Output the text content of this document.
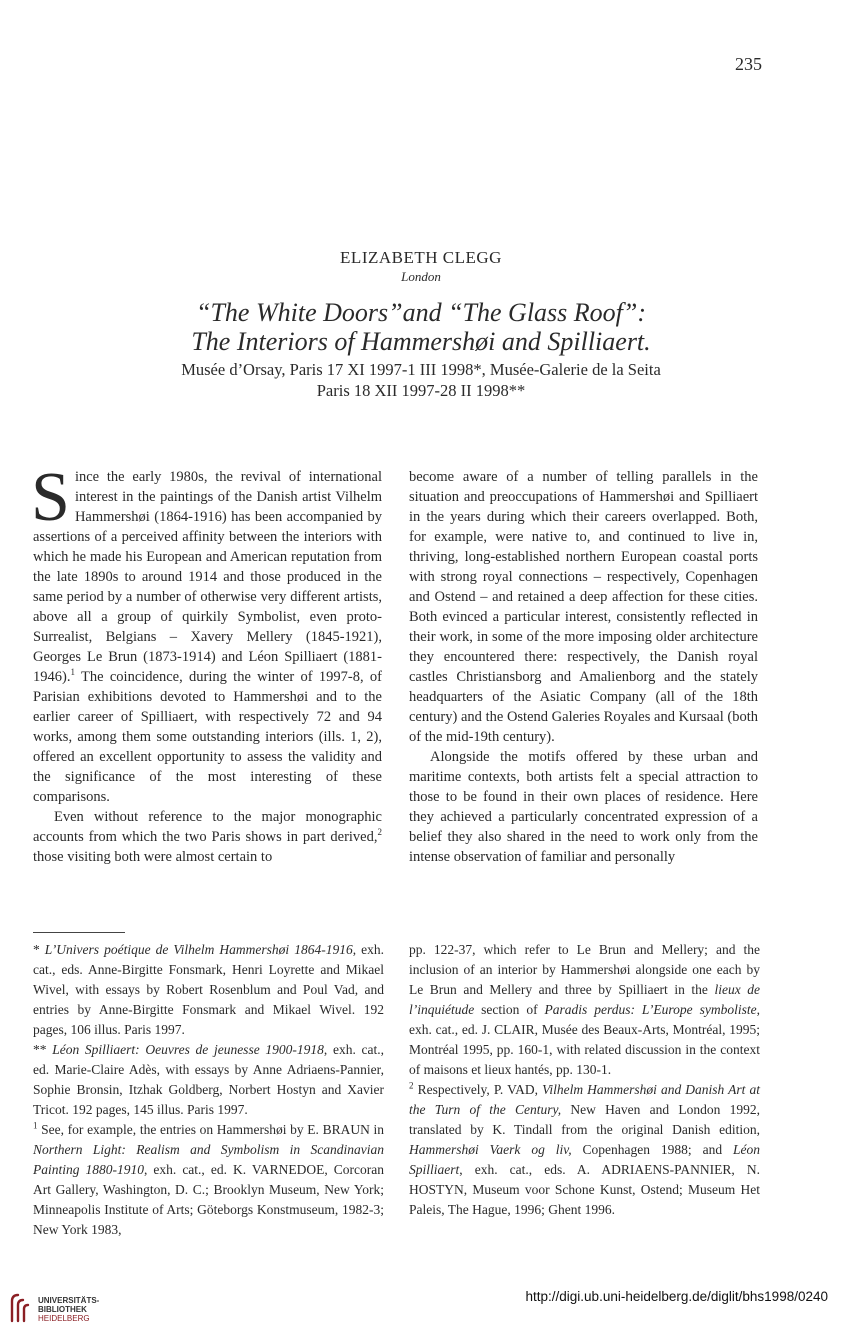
235
ELIZABETH CLEGG
London
“The White Doors”and “The Glass Roof”:
The Interiors of Hammershøi and Spilliaert.
Musée d’Orsay, Paris 17 XI 1997-1 III 1998*, Musée-Galerie de la Seita
Paris 18 XII 1997-28 II 1998**

Since the early 1980s, the revival of international interest in the paintings of the Danish artist Vilhelm Hammershøi (1864-1916) has been accompanied by assertions of a perceived affinity between the interiors with which he made his European and American reputation from the late 1890s to around 1914 and those produced in the same period by a number of otherwise very different artists, above all a group of quirkily Symbolist, even proto-Surrealist, Belgians – Xavery Mellery (1845-1921), Georges Le Brun (1873-1914) and Léon Spilliaert (1881-1946).$^1$ The coincidence, during the winter of 1997-8, of Parisian exhibitions devoted to Hammershøi and to the earlier career of Spilliaert, with respectively 72 and 94 works, among them some outstanding interiors (ills. 1, 2), offered an excellent opportunity to assess the validity and the significance of the most interesting of these comparisons.

Even without reference to the major monographic accounts from which the two Paris shows in part derived,$^2$ those visiting both were almost certain to

become aware of a number of telling parallels in the situation and preoccupations of Hammershøi and Spilliaert in the years during which their careers overlapped. Both, for example, were native to, and continued to live in, thriving, long-established northern European coastal ports with strong royal connections – respectively, Copenhagen and Ostend – and retained a deep affection for these cities. Both evinced a particular interest, consistently reflected in their work, in some of the more imposing older architecture they encountered there: respectively, the Danish royal castles Christiansborg and Amalienborg and the stately headquarters of the Asiatic Company (all of the 18th century) and the Ostend Galeries Royales and Kursaal (both of the mid-19th century).

Alongside the motifs offered by these urban and maritime contexts, both artists felt a special attraction to those to be found in their own places of residence. Here they achieved a particularly concentrated expression of a belief they also shared in the need to work only from the intense observation of familiar and personally

* L’Univers poétique de Vilhelm Hammershøi 1864-1916, exh. cat., eds. Anne-Birgitte Fonsmark, Henri Loyrette and Mikael Wivel, with essays by Robert Rosenblum and Poul Vad, and entries by Anne-Birgitte Fonsmark and Mikael Wivel. 192 pages, 106 illus. Paris 1997.

** Léon Spilliaert: Oeuvres de jeunesse 1900-1918, exh. cat., ed. Marie-Claire Adès, with essays by Anne Adriaens-Pannier, Sophie Bronsin, Itzhak Goldberg, Norbert Hostyn and Xavier Tricot. 192 pages, 145 illus. Paris 1997.

$^1$ See, for example, the entries on Hammershøi by E. BRAUN in Northern Light: Realism and Symbolism in Scandinavian Painting 1880-1910, exh. cat., ed. K. VARNEDOE, Corcoran Art Gallery, Washington, D. C.; Brooklyn Museum, New York; Minneapolis Institute of Arts; Göteborgs Konstmuseum, 1982-3; New York 1983,

pp. 122-37, which refer to Le Brun and Mellery; and the inclusion of an interior by Hammershøi alongside one each by Le Brun and Mellery and three by Spilliaert in the lieux de l’inquiétude section of Paradis perdus: L’Europe symboliste, exh. cat., ed. J. CLAIR, Musée des Beaux-Arts, Montréal, 1995; Montréal 1995, pp. 160-1, with related discussion in the context of maisons et lieux hantés, pp. 130-1.

$^2$ Respectively, P. VAD, Vilhelm Hammershøi and Danish Art at the Turn of the Century, New Haven and London 1992, translated by K. Tindall from the original Danish edition, Hammershøi Vaerk og liv, Copenhagen 1988; and Léon Spilliaert, exh. cat., eds. A. ADRIAENS-PANNIER, N. HOSTYN, Museum voor Schone Kunst, Ostend; Museum Het Paleis, The Hague, 1996; Ghent 1996.

UNIVERSITÄTS-
BIBLIOTHEK
HEIDELBERG
http://digi.ub.uni-heidelberg.de/diglit/bhs1998/0240
